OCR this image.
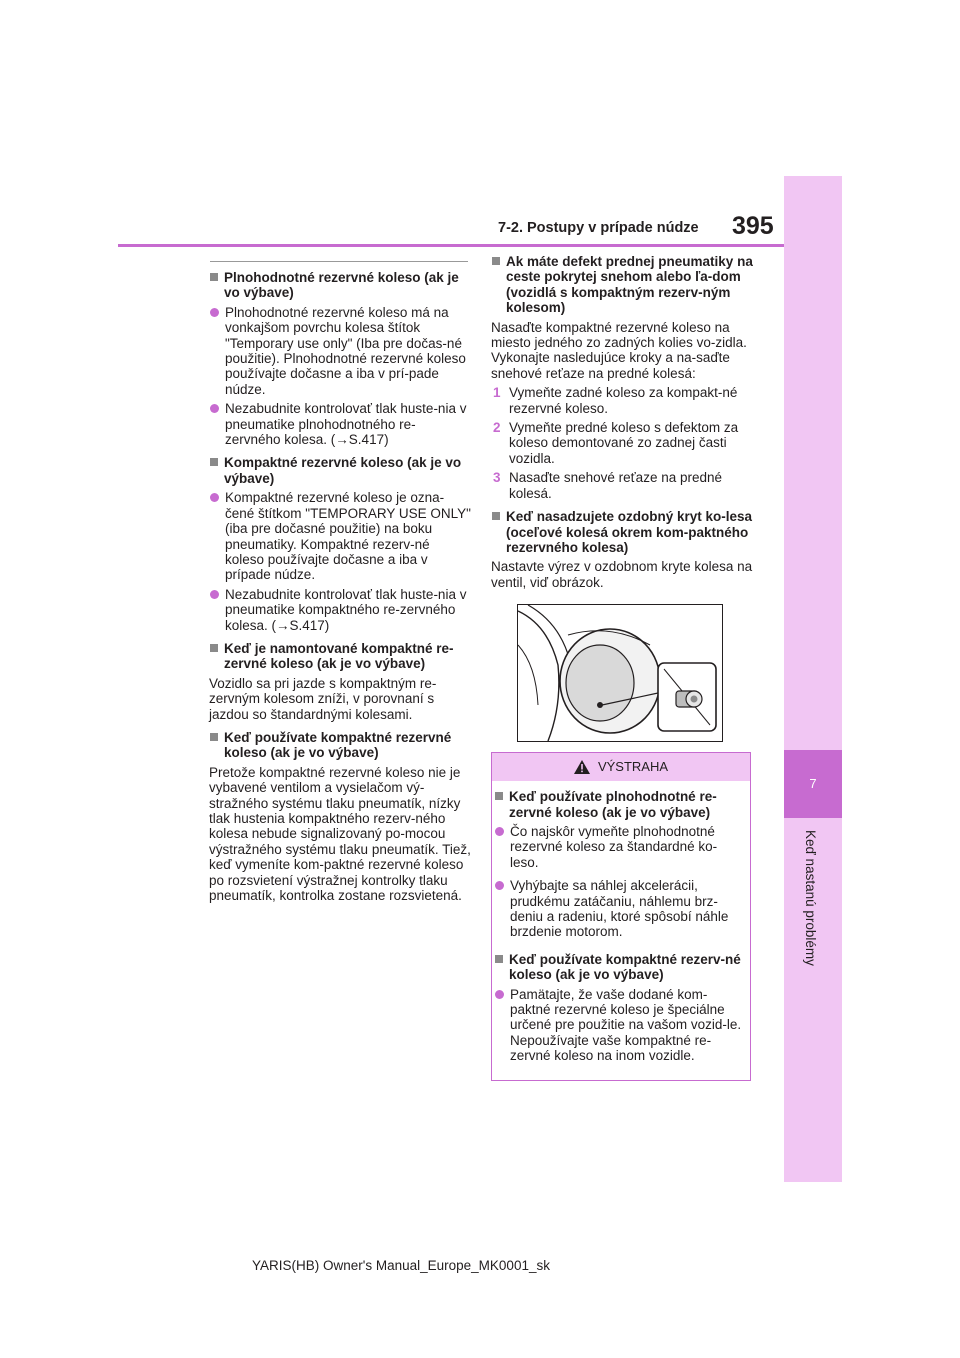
7
Keď nastanú problémy
7-2. Postupy v prípade núdze 395
Plnohodnotné rezervné koleso (ak je vo výbave)
Plnohodnotné rezervné koleso má na vonkajšom povrchu kolesa štítok "Temporary use only" (Iba pre dočas-né použitie). Plnohodnotné rezervné koleso používajte dočasne a iba v prí-pade núdze.
Nezabudnite kontrolovať tlak huste-nia v pneumatike plnohodnotného re-zervného kolesa. (→S.417)
Kompaktné rezervné koleso (ak je vo výbave)
Kompaktné rezervné koleso je ozna-čené štítkom "TEMPORARY USE ONLY" (iba pre dočasné použitie) na boku pneumatiky. Kompaktné rezerv-né koleso používajte dočasne a iba v prípade núdze.
Nezabudnite kontrolovať tlak huste-nia v pneumatike kompaktného re-zervného kolesa. (→S.417)
Keď je namontované kompaktné re-zervné koleso (ak je vo výbave)
Vozidlo sa pri jazde s kompaktným re-zervným kolesom zníži, v porovnaní s jazdou so štandardnými kolesami.
Keď používate kompaktné rezervné koleso (ak je vo výbave)
Pretože kompaktné rezervné koleso nie je vybavené ventilom a vysielačom vý-stražného systému tlaku pneumatík, nízky tlak hustenia kompaktného rezerv-ného kolesa nebude signalizovaný po-mocou výstražného systému tlaku pneumatík. Tiež, keď vymeníte kom-paktné rezervné koleso po rozsvietení výstražnej kontrolky tlaku pneumatík, kontrolka zostane rozsvietená.
Ak máte defekt prednej pneumatiky na ceste pokrytej snehom alebo ľa-dom (vozidlá s kompaktným rezerv-ným kolesom)
Nasaďte kompaktné rezervné koleso na miesto jedného zo zadných kolies vo-zidla. Vykonajte nasledujúce kroky a na-saďte snehové reťaze na predné kolesá:
1 Vymeňte zadné koleso za kompakt-né rezervné koleso.
2 Vymeňte predné koleso s defektom za koleso demontované zo zadnej časti vozidla.
3 Nasaďte snehové reťaze na predné kolesá.
Keď nasadzujete ozdobný kryt ko-lesa (oceľové kolesá okrem kom-paktného rezervného kolesa)
Nastavte výrez v ozdobnom kryte kolesa na ventil, viď obrázok.
VÝSTRAHA
Keď používate plnohodnotné re-zervné koleso (ak je vo výbave)
Čo najskôr vymeňte plnohodnotné rezervné koleso za štandardné ko-leso.
Vyhýbajte sa náhlej akcelerácii, prudkému zatáčaniu, náhlemu brz-deniu a radeniu, ktoré spôsobí náhle brzdenie motorom.
Keď používate kompaktné rezerv-né koleso (ak je vo výbave)
Pamätajte, že vaše dodané kom-paktné rezervné koleso je špeciálne určené pre použitie na vašom vozid-le. Nepoužívajte vaše kompaktné re-zervné koleso na inom vozidle.
YARIS(HB) Owner's Manual_Europe_MK0001_sk
